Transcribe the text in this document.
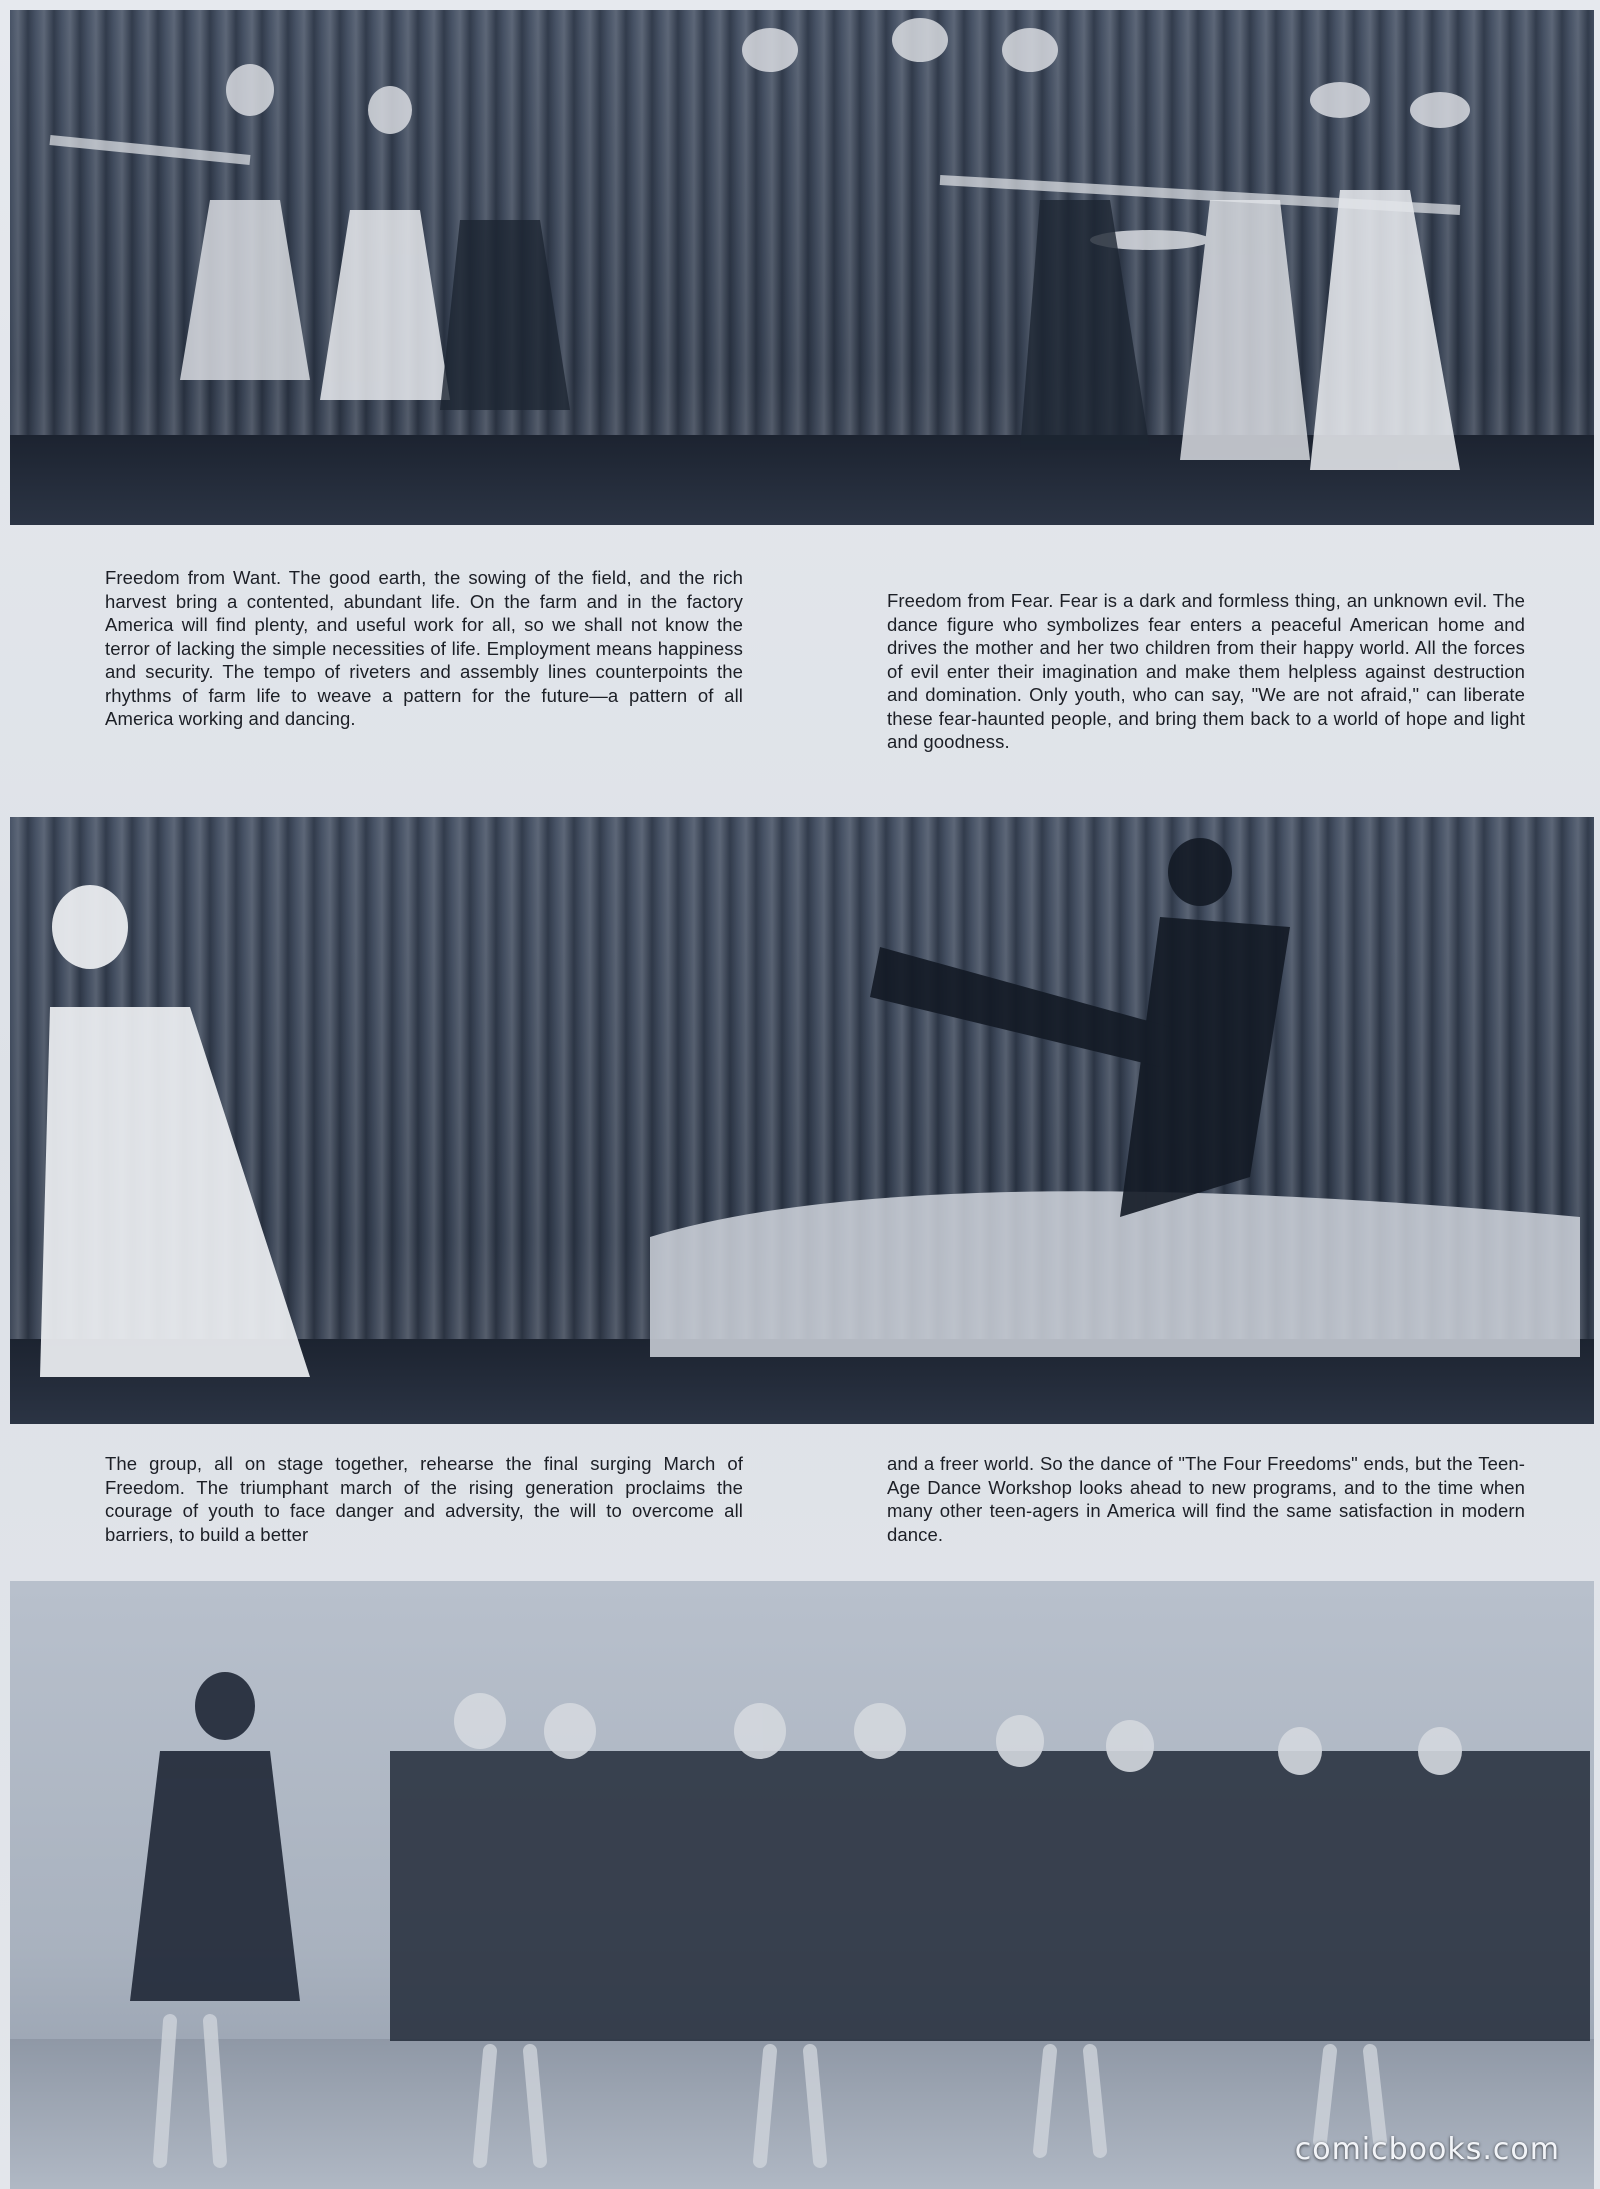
Freedom from Want. The good earth, the sowing of the field, and the rich harvest bring a contented, abundant life. On the farm and in the factory America will find plenty, and useful work for all, so we shall not know the terror of lacking the simple necessities of life. Employment means happiness and security. The tempo of riveters and assembly lines counterpoints the rhythms of farm life to weave a pattern for the future—a pattern of all America working and dancing.

Freedom from Fear. Fear is a dark and formless thing, an unknown evil. The dance figure who symbolizes fear enters a peaceful American home and drives the mother and her two children from their happy world. All the forces of evil enter their imagination and make them helpless against destruction and domination. Only youth, who can say, "We are not afraid," can liberate these fear-haunted people, and bring them back to a world of hope and light and goodness.

The group, all on stage together, rehearse the final surging March of Freedom. The triumphant march of the rising generation proclaims the courage of youth to face danger and adversity, the will to overcome all barriers, to build a better

and a freer world. So the dance of "The Four Freedoms" ends, but the Teen-Age Dance Workshop looks ahead to new programs, and to the time when many other teen-agers in America will find the same satisfaction in modern dance.

comicbooks.com
